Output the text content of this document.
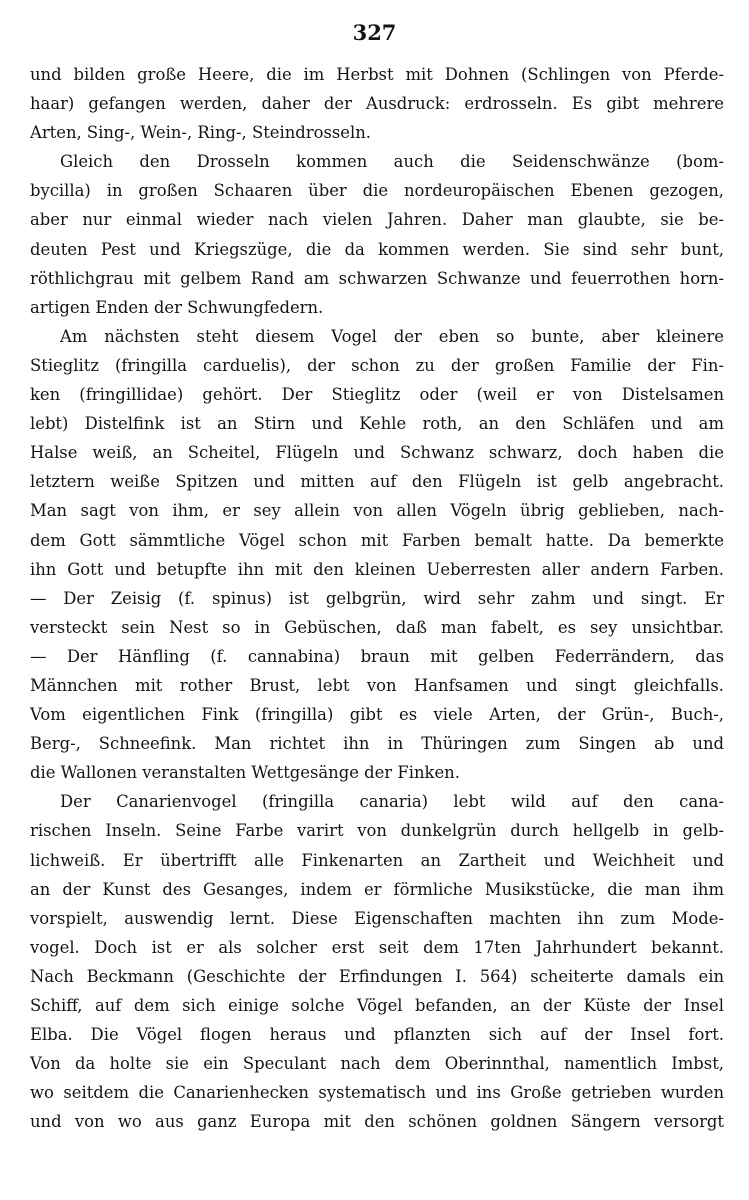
327
und bilden große Heere, die im Herbst mit Dohnen (Schlingen von Pferde-
haar) gefangen werden, daher der Ausdruck: erdrosseln. Es gibt mehrere
Arten, Sing-, Wein-, Ring-, Steindrosseln.
Gleich den Drosseln kommen auch die Seidenschwänze (bom-
bycilla) in großen Schaaren über die nordeuropäischen Ebenen gezogen,
aber nur einmal wieder nach vielen Jahren. Daher man glaubte, sie be-
deuten Pest und Kriegszüge, die da kommen werden. Sie sind sehr bunt,
röthlichgrau mit gelbem Rand am schwarzen Schwanze und feuerrothen horn-
artigen Enden der Schwungfedern.
Am nächsten steht diesem Vogel der eben so bunte, aber kleinere
Stieglitz (fringilla carduelis), der schon zu der großen Familie der Fin-
ken (fringillidae) gehört. Der Stieglitz oder (weil er von Distelsamen
lebt) Distelfink ist an Stirn und Kehle roth, an den Schläfen und am
Halse weiß, an Scheitel, Flügeln und Schwanz schwarz, doch haben die
letztern weiße Spitzen und mitten auf den Flügeln ist gelb angebracht.
Man sagt von ihm, er sey allein von allen Vögeln übrig geblieben, nach-
dem Gott sämmtliche Vögel schon mit Farben bemalt hatte. Da bemerkte
ihn Gott und betupfte ihn mit den kleinen Ueberresten aller andern Farben.
— Der Zeisig (f. spinus) ist gelbgrün, wird sehr zahm und singt. Er
versteckt sein Nest so in Gebüschen, daß man fabelt, es sey unsichtbar.
— Der Hänfling (f. cannabina) braun mit gelben Federrändern, das
Männchen mit rother Brust, lebt von Hanfsamen und singt gleichfalls.
Vom eigentlichen Fink (fringilla) gibt es viele Arten, der Grün-, Buch-,
Berg-, Schneefink. Man richtet ihn in Thüringen zum Singen ab und
die Wallonen veranstalten Wettgesänge der Finken.
Der Canarienvogel (fringilla canaria) lebt wild auf den cana-
rischen Inseln. Seine Farbe varirt von dunkelgrün durch hellgelb in gelb-
lichweiß. Er übertrifft alle Finkenarten an Zartheit und Weichheit und
an der Kunst des Gesanges, indem er förmliche Musikstücke, die man ihm
vorspielt, auswendig lernt. Diese Eigenschaften machten ihn zum Mode-
vogel. Doch ist er als solcher erst seit dem 17ten Jahrhundert bekannt.
Nach Beckmann (Geschichte der Erfindungen I. 564) scheiterte damals ein
Schiff, auf dem sich einige solche Vögel befanden, an der Küste der Insel
Elba. Die Vögel flogen heraus und pflanzten sich auf der Insel fort.
Von da holte sie ein Speculant nach dem Oberinnthal, namentlich Imbst,
wo seitdem die Canarienhecken systematisch und ins Große getrieben wurden
und von wo aus ganz Europa mit den schönen goldnen Sängern versorgt
